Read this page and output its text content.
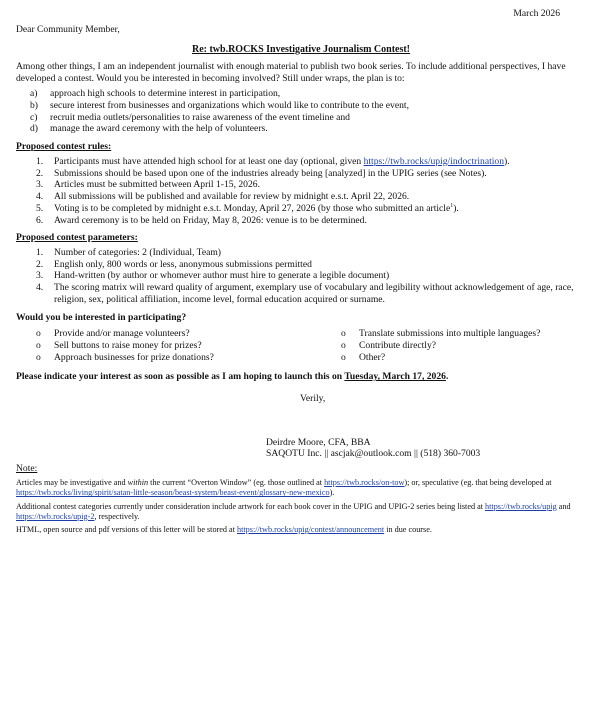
March 2026

Dear Community Member,

Re: twb.ROCKS Investigative Journalism Contest!

Among other things, I am an independent journalist with enough material to publish two book series. To include additional perspectives, I have developed a contest. Would you be interested in becoming involved? Still under wraps, the plan is to:

a)	approach high schools to determine interest in participation,
b)	secure interest from businesses and organizations which would like to contribute to the event,
c)	recruit media outlets/personalities to raise awareness of the event timeline and
d)	manage the award ceremony with the help of volunteers.

Proposed contest rules:

1.	Participants must have attended high school for at least one day (optional, given https://twb.rocks/upig/indoctrination).
2.	Submissions should be based upon one of the industries already being [analyzed] in the UPIG series (see Notes).
3.	Articles must be submitted between April 1-15, 2026.
4.	All submissions will be published and available for review by midnight e.s.t. April 22, 2026.
5.	Voting is to be completed by midnight e.s.t. Monday, April 27, 2026 (by those who submitted an article$^1$).
6.	Award ceremony is to be held on Friday, May 8, 2026: venue is to be determined.

Proposed contest parameters:

1.	Number of categories: 2 (Individual, Team)
2.	English only, 800 words or less, anonymous submissions permitted
3.	Hand-written (by author or whomever author must hire to generate a legible document)
4.	The scoring matrix will reward quality of argument, exemplary use of vocabulary and legibility without acknowledgement of age, race, religion, sex, political affiliation, income level, formal education acquired or surname.

Would you be interested in participating?

o	Provide and/or manage volunteers?
o	Sell buttons to raise money for prizes?
o	Approach businesses for prize donations?
o	Translate submissions into multiple languages?
o	Contribute directly?
o	Other?

Please indicate your interest as soon as possible as I am hoping to launch this on Tuesday, March 17, 2026.

Verily,

Deirdre Moore, CFA, BBA

SAQOTU Inc. || ascjak@outlook.com || (518) 360-7003

Note:

Articles may be investigative and within the current “Overton Window” (eg. those outlined at https://twb.rocks/on-tow); or, speculative (eg. that being developed at https://twb.rocks/living/spirit/satan-little-season/beast-system/beast-event/glossary-new-mexico).

Additional contest categories currently under consideration include artwork for each book cover in the UPIG and UPIG-2 series being listed at https://twb.rocks/upig and https://twb.rocks/upig-2, respectively.

HTML, open source and pdf versions of this letter will be stored at https://twb.rocks/upig/contest/announcement in due course.
